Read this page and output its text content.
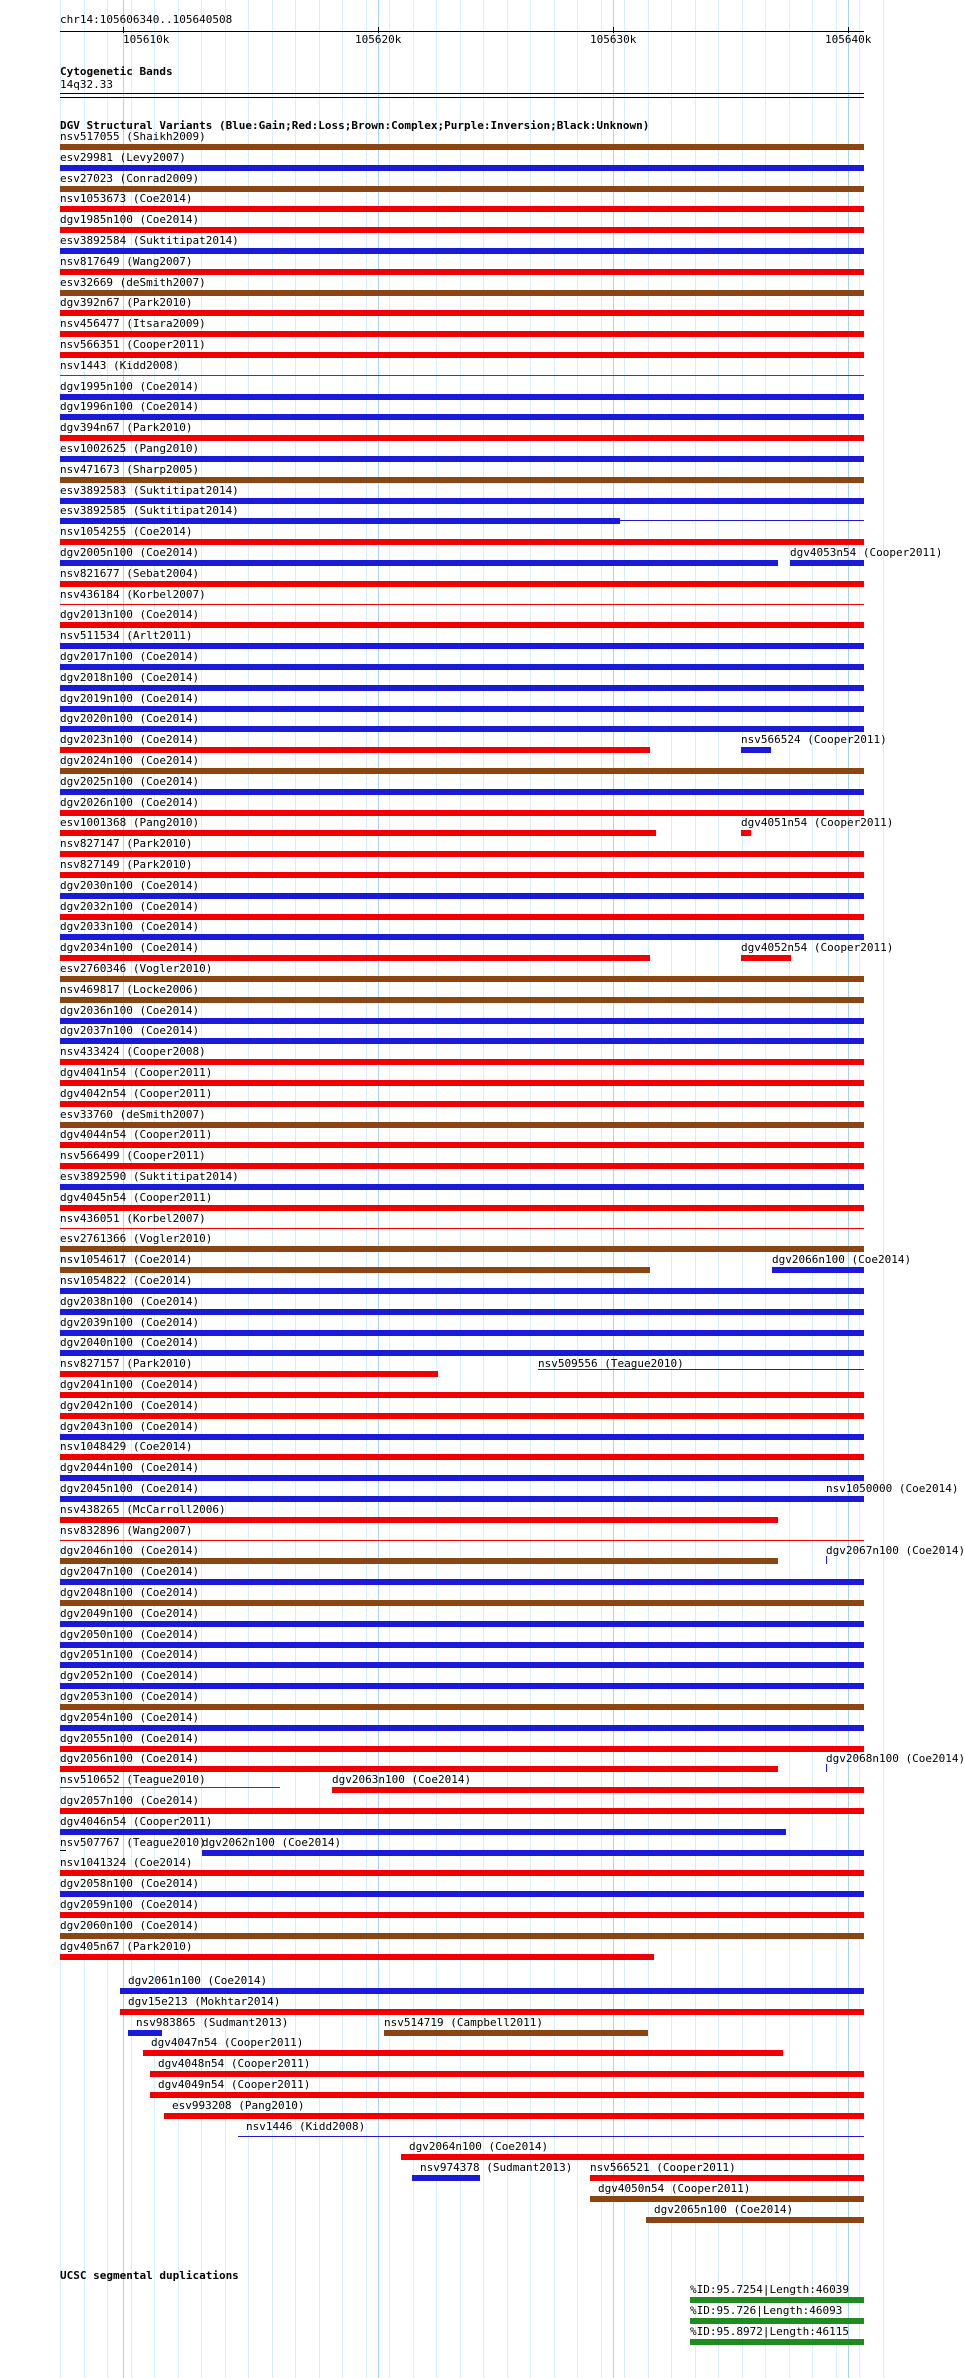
chr14:105606340..105640508
105610k	105620k	105630k	105640k
Cytogenetic Bands
14q32.33
DGV Structural Variants (Blue:Gain;Red:Loss;Brown:Complex;Purple:Inversion;Black:Unknown)
nsv517055 (Shaikh2009)
esv29981 (Levy2007)
esv27023 (Conrad2009)
nsv1053673 (Coe2014)
dgv1985n100 (Coe2014)
esv3892584 (Suktitipat2014)
nsv817649 (Wang2007)
esv32669 (deSmith2007)
dgv392n67 (Park2010)
nsv456477 (Itsara2009)
nsv566351 (Cooper2011)
nsv1443 (Kidd2008)
dgv1995n100 (Coe2014)
dgv1996n100 (Coe2014)
dgv394n67 (Park2010)
esv1002625 (Pang2010)
nsv471673 (Sharp2005)
esv3892583 (Suktitipat2014)
esv3892585 (Suktitipat2014)
nsv1054255 (Coe2014)
dgv2005n100 (Coe2014)	dgv4053n54 (Cooper2011)
nsv821677 (Sebat2004)
nsv436184 (Korbel2007)
dgv2013n100 (Coe2014)
nsv511534 (Arlt2011)
dgv2017n100 (Coe2014)
dgv2018n100 (Coe2014)
dgv2019n100 (Coe2014)
dgv2020n100 (Coe2014)
dgv2023n100 (Coe2014)	nsv566524 (Cooper2011)
dgv2024n100 (Coe2014)
dgv2025n100 (Coe2014)
dgv2026n100 (Coe2014)
esv1001368 (Pang2010)	dgv4051n54 (Cooper2011)
nsv827147 (Park2010)
nsv827149 (Park2010)
dgv2030n100 (Coe2014)
dgv2032n100 (Coe2014)
dgv2033n100 (Coe2014)
dgv2034n100 (Coe2014)	dgv4052n54 (Cooper2011)
esv2760346 (Vogler2010)
nsv469817 (Locke2006)
dgv2036n100 (Coe2014)
dgv2037n100 (Coe2014)
nsv433424 (Cooper2008)
dgv4041n54 (Cooper2011)
dgv4042n54 (Cooper2011)
esv33760 (deSmith2007)
dgv4044n54 (Cooper2011)
nsv566499 (Cooper2011)
esv3892590 (Suktitipat2014)
dgv4045n54 (Cooper2011)
nsv436051 (Korbel2007)
esv2761366 (Vogler2010)
nsv1054617 (Coe2014)	dgv2066n100 (Coe2014)
nsv1054822 (Coe2014)
dgv2038n100 (Coe2014)
dgv2039n100 (Coe2014)
dgv2040n100 (Coe2014)
nsv827157 (Park2010)	nsv509556 (Teague2010)
dgv2041n100 (Coe2014)
dgv2042n100 (Coe2014)
dgv2043n100 (Coe2014)
nsv1048429 (Coe2014)
dgv2044n100 (Coe2014)
dgv2045n100 (Coe2014)	nsv1050000 (Coe2014)
nsv438265 (McCarroll2006)
nsv832896 (Wang2007)
dgv2046n100 (Coe2014)	dgv2067n100 (Coe2014)
dgv2047n100 (Coe2014)
dgv2048n100 (Coe2014)
dgv2049n100 (Coe2014)
dgv2050n100 (Coe2014)
dgv2051n100 (Coe2014)
dgv2052n100 (Coe2014)
dgv2053n100 (Coe2014)
dgv2054n100 (Coe2014)
dgv2055n100 (Coe2014)
dgv2056n100 (Coe2014)	dgv2068n100 (Coe2014)
nsv510652 (Teague2010)	dgv2063n100 (Coe2014)
dgv2057n100 (Coe2014)
dgv4046n54 (Cooper2011)
nsv507767 (Teague2010)
dgv2062n100 (Coe2014)
nsv1041324 (Coe2014)
dgv2058n100 (Coe2014)
dgv2059n100 (Coe2014)
dgv2060n100 (Coe2014)
dgv405n67 (Park2010)
dgv2061n100 (Coe2014)
dgv15e213 (Mokhtar2014)
nsv983865 (Sudmant2013)	nsv514719 (Campbell2011)
dgv4047n54 (Cooper2011)
dgv4048n54 (Cooper2011)
dgv4049n54 (Cooper2011)
esv993208 (Pang2010)
nsv1446 (Kidd2008)
dgv2064n100 (Coe2014)
nsv974378 (Sudmant2013) nsv566521 (Cooper2011)
dgv4050n54 (Cooper2011)
dgv2065n100 (Coe2014)
UCSC segmental duplications
%ID:95.7254|Length:46039
%ID:95.726|Length:46093
%ID:95.8972|Length:46115
